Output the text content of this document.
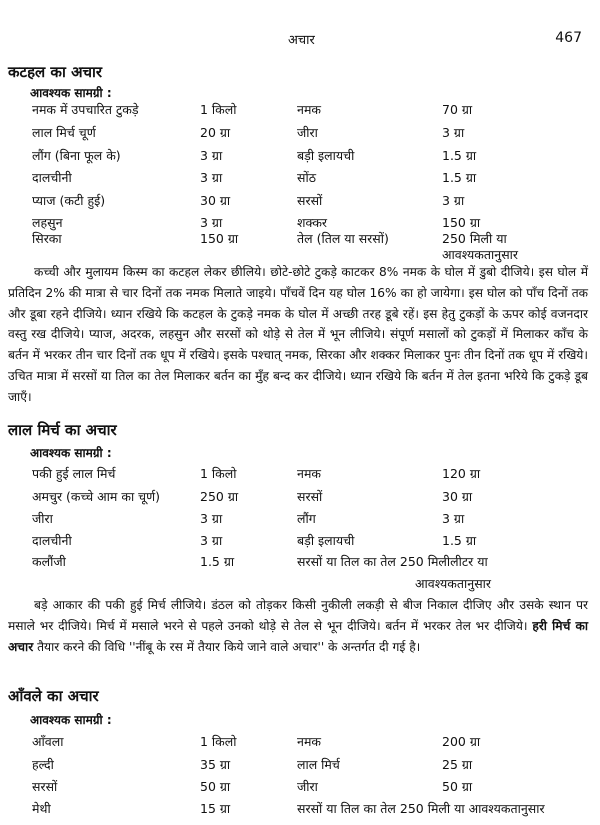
अचार	467
कटहल का अचार
आवश्यक सामग्री :
नमक में उपचारित टुकड़े	1 किलो	नमक	70 ग्रा
लाल मिर्च चूर्ण	20 ग्रा	जीरा	3 ग्रा
लौंग (बिना फूल के)	3 ग्रा	बड़ी इलायची	1.5 ग्रा
दालचीनी	3 ग्रा	सोंठ	1.5 ग्रा
प्याज (कटी हुई)	30 ग्रा	सरसों	3 ग्रा
लहसुन	3 ग्रा	शक्कर	150 ग्रा
सिरका	150 ग्रा	तेल (तिल या सरसों)	250 मिली या
आवश्यकतानुसार

कच्ची और मुलायम किस्म का कटहल लेकर छीलिये। छोटे-छोटे टुकड़े काटकर 8% नमक के घोल में डुबो दीजिये। इस घोल में प्रतिदिन 2% की मात्रा से चार दिनों तक नमक मिलाते जाइये। पाँचवें दिन यह घोल 16% का हो जायेगा। इस घोल को पाँच दिनों तक और डूबा रहने दीजिये। ध्यान रखिये कि कटहल के टुकड़े नमक के घोल में अच्छी तरह डूबे रहें। इस हेतु टुकड़ों के ऊपर कोई वजनदार वस्तु रख दीजिये। प्याज, अदरक, लहसुन और सरसों को थोड़े से तेल में भून लीजिये। संपूर्ण मसालों को टुकड़ों में मिलाकर काँच के बर्तन में भरकर तीन चार दिनों तक धूप में रखिये। इसके पश्चात् नमक, सिरका और शक्कर मिलाकर पुनः तीन दिनों तक धूप में रखिये। उचित मात्रा में सरसों या तिल का तेल मिलाकर बर्तन का मुँह बन्द कर दीजिये। ध्यान रखिये कि बर्तन में तेल इतना भरिये कि टुकड़े डूब जाएँ।

लाल मिर्च का अचार
आवश्यक सामग्री :
पकी हुई लाल मिर्च	1 किलो	नमक	120 ग्रा
अमचुर (कच्चे आम का चूर्ण)	250 ग्रा	सरसों	30 ग्रा
जीरा	3 ग्रा	लौंग	3 ग्रा
दालचीनी	3 ग्रा	बड़ी इलायची	1.5 ग्रा
कलौंजी	1.5 ग्रा	सरसों या तिल का तेल 250 मिलीलीटर या
आवश्यकतानुसार

बड़े आकार की पकी हुई मिर्च लीजिये। डंठल को तोड़कर किसी नुकीली लकड़ी से बीज निकाल दीजिए और उसके स्थान पर मसाले भर दीजिये। मिर्च में मसाले भरने से पहले उनको थोड़े से तेल से भून दीजिये। बर्तन में भरकर तेल भर दीजिये। हरी मिर्च का अचार तैयार करने की विधि ''नींबू के रस में तैयार किये जाने वाले अचार'' के अन्तर्गत दी गई है।

आँवले का अचार
आवश्यक सामग्री :
आँवला	1 किलो	नमक	200 ग्रा
हल्दी	35 ग्रा	लाल मिर्च	25 ग्रा
सरसों	50 ग्रा	जीरा	50 ग्रा
मेथी	15 ग्रा	सरसों या तिल का तेल 250 मिली या आवश्यकतानुसार
